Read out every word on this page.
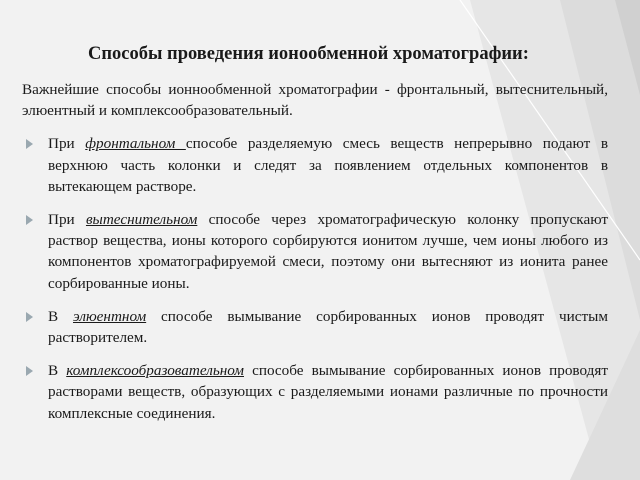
Способы проведения ионообменной хроматографии:

Важнейшие способы ионнообменной хроматографии - фронтальный, вытеснительный, элюентный и комплексообразовательный.

При фронтальном способе разделяемую смесь веществ непрерывно подают в верхнюю часть колонки и следят за появлением отдельных компонентов в вытекающем растворе.

При вытеснительном способе через хроматографическую колонку пропускают раствор вещества, ионы которого сорбируются ионитом лучше, чем ионы любого из компонентов хроматографируемой смеси, поэтому они вытесняют из ионита ранее сорбированные ионы.

В элюентном способе вымывание сорбированных ионов проводят чистым растворителем.

В комплексообразовательном способе вымывание сорбированных ионов проводят растворами веществ, образующих с разделяемыми ионами различные по прочности комплексные соединения.
